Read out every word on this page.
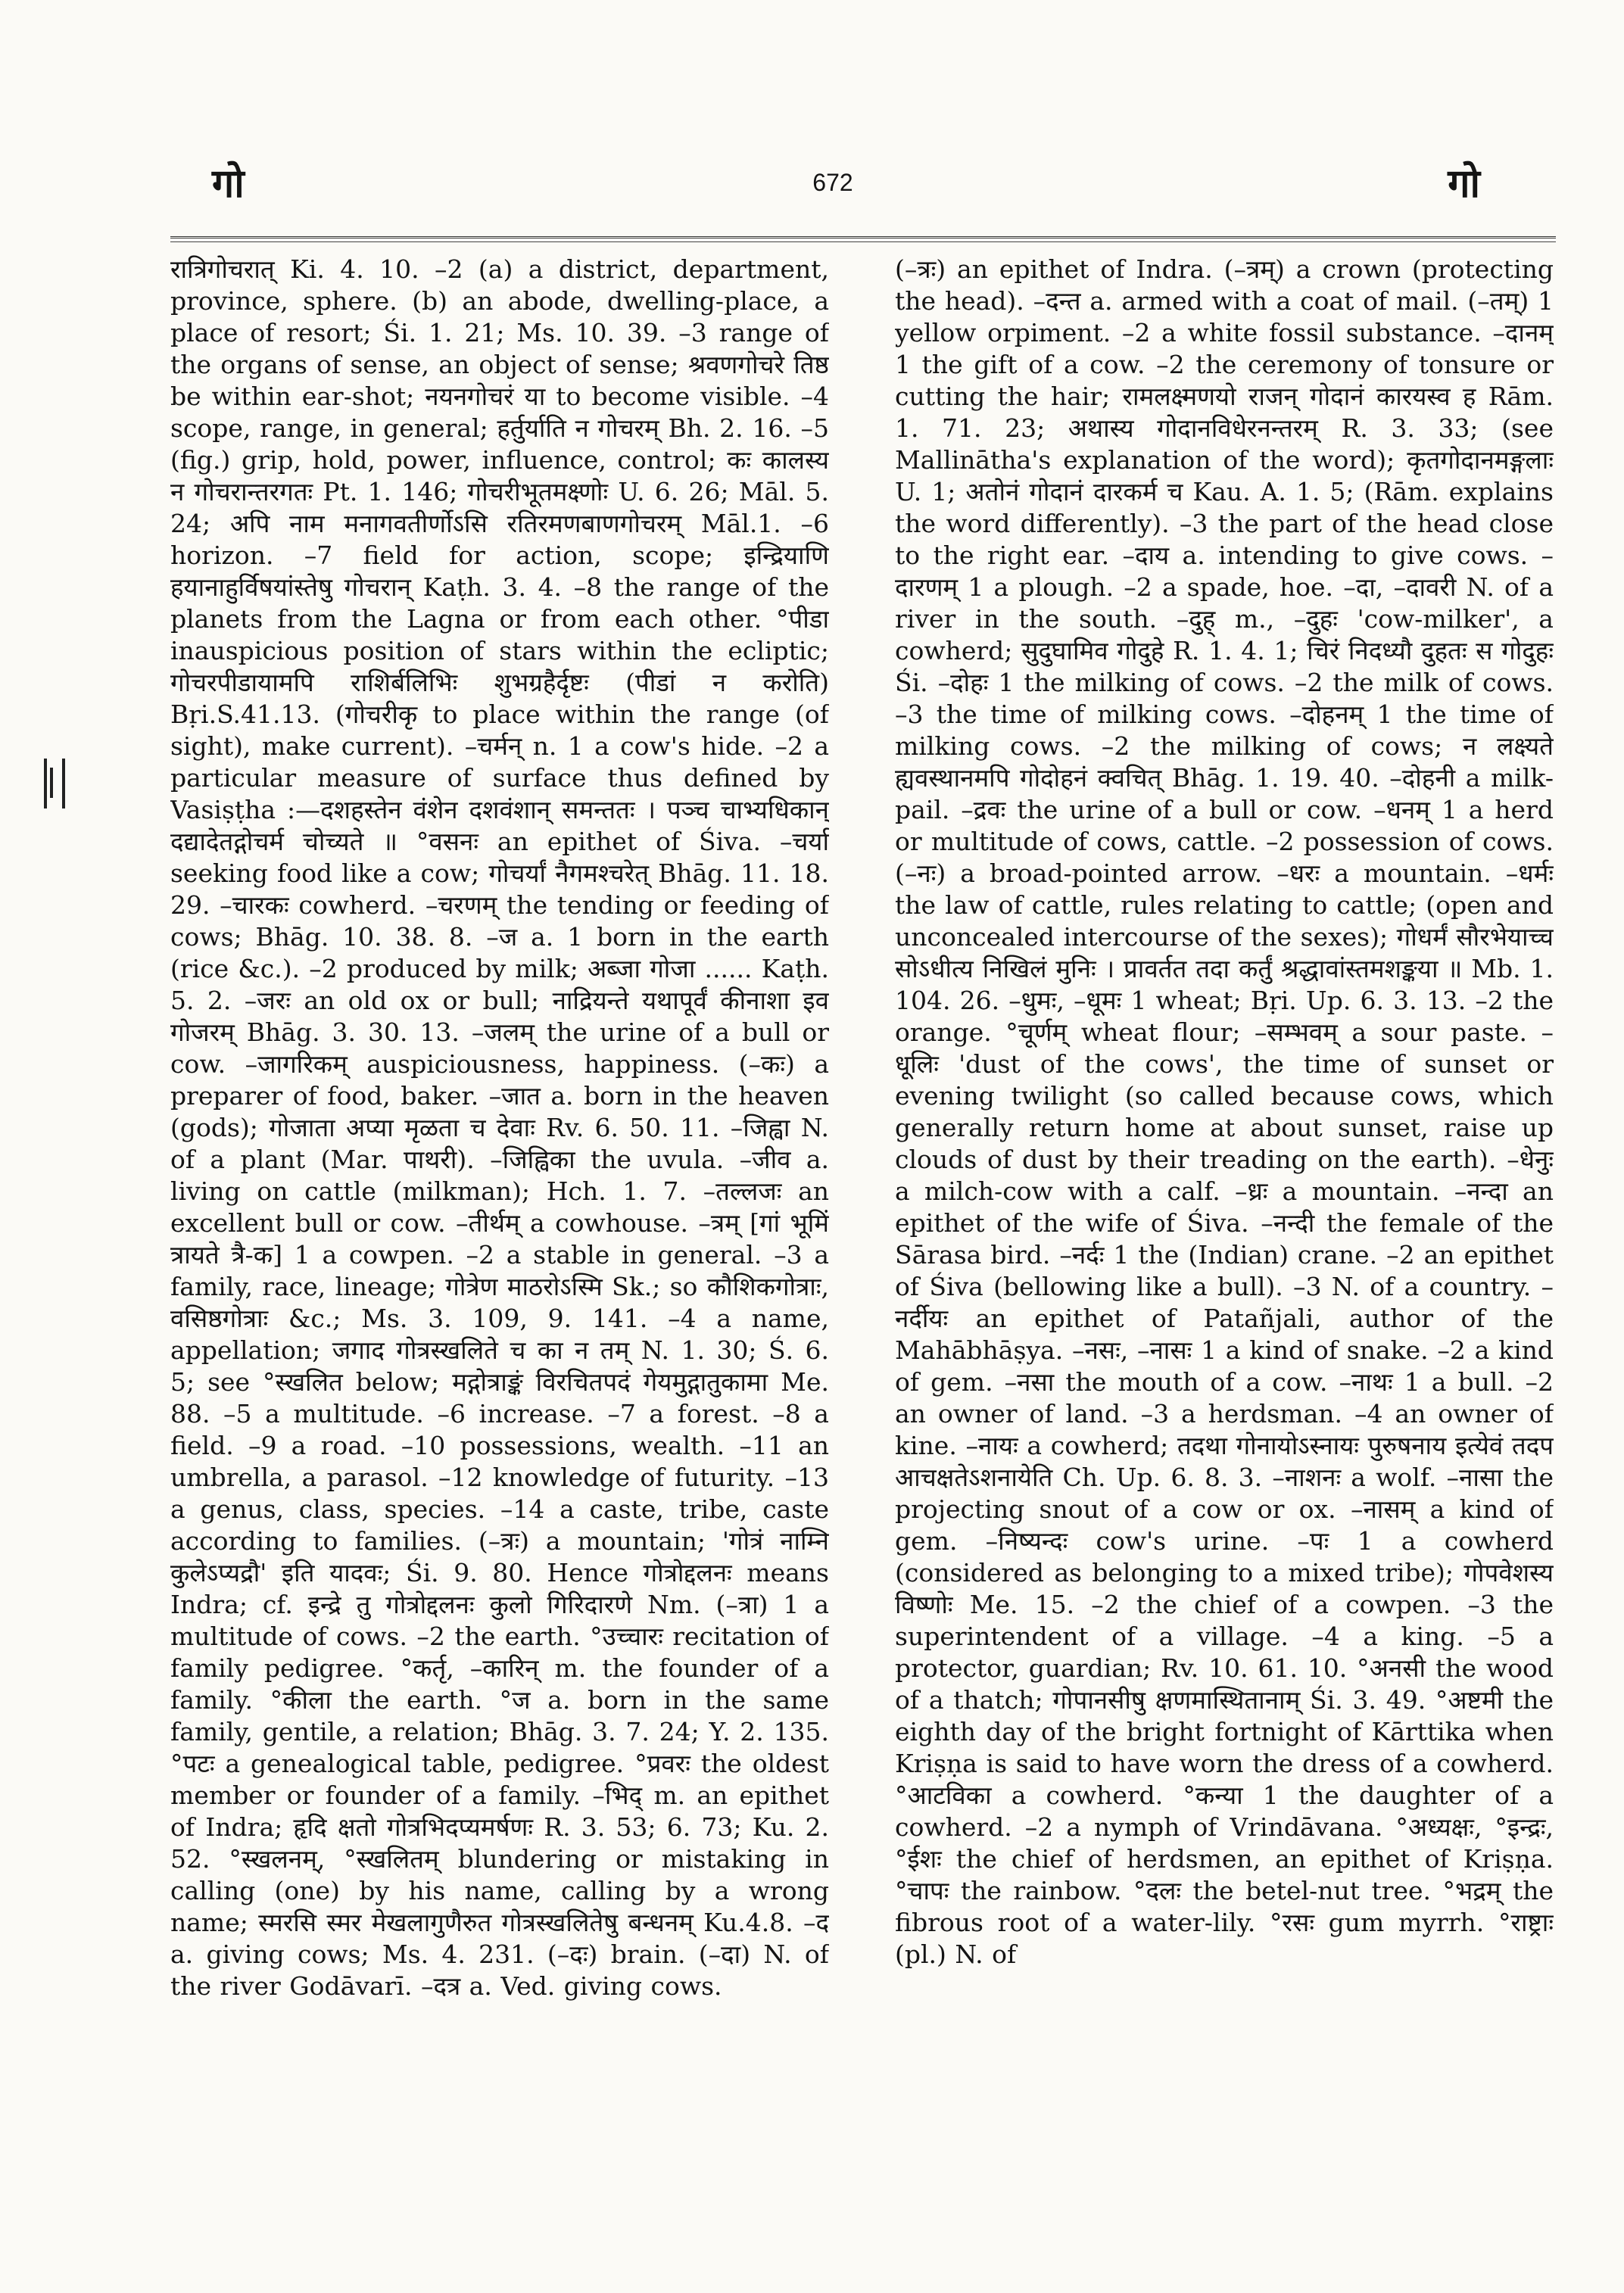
गो	672	गो

रात्रिगोचरात् Ki. 4. 10. –2 (a) a district, department, province, sphere. (b) an abode, dwelling-place, a place of resort; Śi. 1. 21; Ms. 10. 39. –3 range of the organs of sense, an object of sense; श्रवणगोचरे तिष्ठ be within ear-shot; नयनगोचरं या to become visible. –4 scope, range, in general; हर्तुर्याति न गोचरम् Bh. 2. 16. –5 (fig.) grip, hold, power, influence, control; कः कालस्य न गोचरान्तरगतः Pt. 1. 146; गोचरीभूतमक्ष्णोः U. 6. 26; Māl. 5. 24; अपि नाम मनागवतीर्णोऽसि रतिरमणबाणगोचरम् Māl.1. –6 horizon. –7 field for action, scope; इन्द्रियाणि हयानाहुर्विषयांस्तेषु गोचरान् Kaṭh. 3. 4. –8 the range of the planets from the Lagna or from each other. °पीडा inauspicious position of stars within the ecliptic; गोचरपीडायामपि राशिर्बलिभिः शुभग्रहैर्दृष्टः (पीडां न करोति) Bṛi.S.41.13. (गोचरीकृ to place within the range (of sight), make current). –चर्मन् n. 1 a cow's hide. –2 a particular measure of surface thus defined by Vasiṣṭha :—दशहस्तेन वंशेन दशवंशान् समन्ततः । पञ्च चाभ्यधिकान् दद्यादेतद्गोचर्म चोच्यते ॥ °वसनः an epithet of Śiva. –चर्या seeking food like a cow; गोचर्यां नैगमश्चरेत् Bhāg. 11. 18. 29. –चारकः cowherd. –चरणम् the tending or feeding of cows; Bhāg. 10. 38. 8. –ज a. 1 born in the earth (rice &c.). –2 produced by milk; अब्जा गोजा ...... Kaṭh. 5. 2. –जरः an old ox or bull; नाद्रियन्ते यथापूर्वं कीनाशा इव गोजरम् Bhāg. 3. 30. 13. –जलम् the urine of a bull or cow. –जागरिकम् auspiciousness, happiness. (–कः) a preparer of food, baker. –जात a. born in the heaven (gods); गोजाता अप्या मृळता च देवाः Rv. 6. 50. 11. –जिह्वा N. of a plant (Mar. पाथरी). –जिह्विका the uvula. –जीव a. living on cattle (milkman); Hch. 1. 7. –तल्लजः an excellent bull or cow. –तीर्थम् a cowhouse. –त्रम् [गां भूमिं त्रायते त्रै-क] 1 a cowpen. –2 a stable in general. –3 a family, race, lineage; गोत्रेण माठरोऽस्मि Sk.; so कौशिकगोत्राः, वसिष्ठगोत्राः &c.; Ms. 3. 109, 9. 141. –4 a name, appellation; जगाद गोत्रस्खलिते च का न तम् N. 1. 30; Ś. 6. 5; see °स्खलित below; मद्गोत्राङ्कं विरचितपदं गेयमुद्गातुकामा Me. 88. –5 a multitude. –6 increase. –7 a forest. –8 a field. –9 a road. –10 possessions, wealth. –11 an umbrella, a parasol. –12 knowledge of futurity. –13 a genus, class, species. –14 a caste, tribe, caste according to families. (–त्रः) a mountain; 'गोत्रं नाम्नि कुलेऽप्यद्रौ' इति यादवः; Śi. 9. 80. Hence गोत्रोद्दलनः means Indra; cf. इन्द्रे तु गोत्रोद्दलनः कुलो गिरिदारणे Nm. (–त्रा) 1 a multitude of cows. –2 the earth. °उच्चारः recitation of family pedigree. °कर्तृ, –कारिन् m. the founder of a family. °कीला the earth. °ज a. born in the same family, gentile, a relation; Bhāg. 3. 7. 24; Y. 2. 135. °पटः a genealogical table, pedigree. °प्रवरः the oldest member or founder of a family. –भिद् m. an epithet of Indra; हृदि क्षतो गोत्रभिदप्यमर्षणः R. 3. 53; 6. 73; Ku. 2. 52. °स्खलनम्, °स्खलितम् blundering or mistaking in calling (one) by his name, calling by a wrong name; स्मरसि स्मर मेखलागुणैरुत गोत्रस्खलितेषु बन्धनम् Ku.4.8. –द a. giving cows; Ms. 4. 231. (–दः) brain. (–दा) N. of the river Godāvarī. –दत्र a. Ved. giving cows.

(–त्रः) an epithet of Indra. (–त्रम्) a crown (protecting the head). –दन्त a. armed with a coat of mail. (–तम्) 1 yellow orpiment. –2 a white fossil substance. –दानम् 1 the gift of a cow. –2 the ceremony of tonsure or cutting the hair; रामलक्ष्मणयो राजन् गोदानं कारयस्व ह Rām. 1. 71. 23; अथास्य गोदानविधेरनन्तरम् R. 3. 33; (see Mallinātha's explanation of the word); कृतगोदानमङ्गलाः U. 1; अतोनं गोदानं दारकर्म च Kau. A. 1. 5; (Rām. explains the word differently). –3 the part of the head close to the right ear. –दाय a. intending to give cows. –दारणम् 1 a plough. –2 a spade, hoe. –दा, –दावरी N. of a river in the south. –दुह् m., –दुहः 'cow-milker', a cowherd; सुदुघामिव गोदुहे R. 1. 4. 1; चिरं निदध्यौ दुहतः स गोदुहः Śi. –दोहः 1 the milking of cows. –2 the milk of cows. –3 the time of milking cows. –दोहनम् 1 the time of milking cows. –2 the milking of cows; न लक्ष्यते ह्यवस्थानमपि गोदोहनं क्वचित् Bhāg. 1. 19. 40. –दोहनी a milk-pail. –द्रवः the urine of a bull or cow. –धनम् 1 a herd or multitude of cows, cattle. –2 possession of cows. (–नः) a broad-pointed arrow. –धरः a mountain. –धर्मः the law of cattle, rules relating to cattle; (open and unconcealed intercourse of the sexes); गोधर्मं सौरभेयाच्च सोऽधीत्य निखिलं मुनिः । प्रावर्तत तदा कर्तुं श्रद्धावांस्तमशङ्कया ॥ Mb. 1. 104. 26. –धुमः, –धूमः 1 wheat; Bṛi. Up. 6. 3. 13. –2 the orange. °चूर्णम् wheat flour; –सम्भवम् a sour paste. –धूलिः 'dust of the cows', the time of sunset or evening twilight (so called because cows, which generally return home at about sunset, raise up clouds of dust by their treading on the earth). –धेनुः a milch-cow with a calf. –ध्रः a mountain. –नन्दा an epithet of the wife of Śiva. –नन्दी the female of the Sārasa bird. –नर्दः 1 the (Indian) crane. –2 an epithet of Śiva (bellowing like a bull). –3 N. of a country. –नर्दीयः an epithet of Patañjali, author of the Mahābhāṣya. –नसः, –नासः 1 a kind of snake. –2 a kind of gem. –नसा the mouth of a cow. –नाथः 1 a bull. –2 an owner of land. –3 a herdsman. –4 an owner of kine. –नायः a cowherd; तदथा गोनायोऽस्नायः पुरुषनाय इत्येवं तदप आचक्षतेऽशनायेति Ch. Up. 6. 8. 3. –नाशनः a wolf. –नासा the projecting snout of a cow or ox. –नासम् a kind of gem. –निष्यन्दः cow's urine. –पः 1 a cowherd (considered as belonging to a mixed tribe); गोपवेशस्य विष्णोः Me. 15. –2 the chief of a cowpen. –3 the superintendent of a village. –4 a king. –5 a protector, guardian; Rv. 10. 61. 10. °अनसी the wood of a thatch; गोपानसीषु क्षणमास्थितानाम् Śi. 3. 49. °अष्टमी the eighth day of the bright fortnight of Kārttika when Kriṣṇa is said to have worn the dress of a cowherd. °आटविका a cowherd. °कन्या 1 the daughter of a cowherd. –2 a nymph of Vrindāvana. °अध्यक्षः, °इन्द्रः, °ईशः the chief of herdsmen, an epithet of Kriṣṇa. °चापः the rainbow. °दलः the betel-nut tree. °भद्रम् the fibrous root of a water-lily. °रसः gum myrrh. °राष्ट्राः (pl.) N. of
